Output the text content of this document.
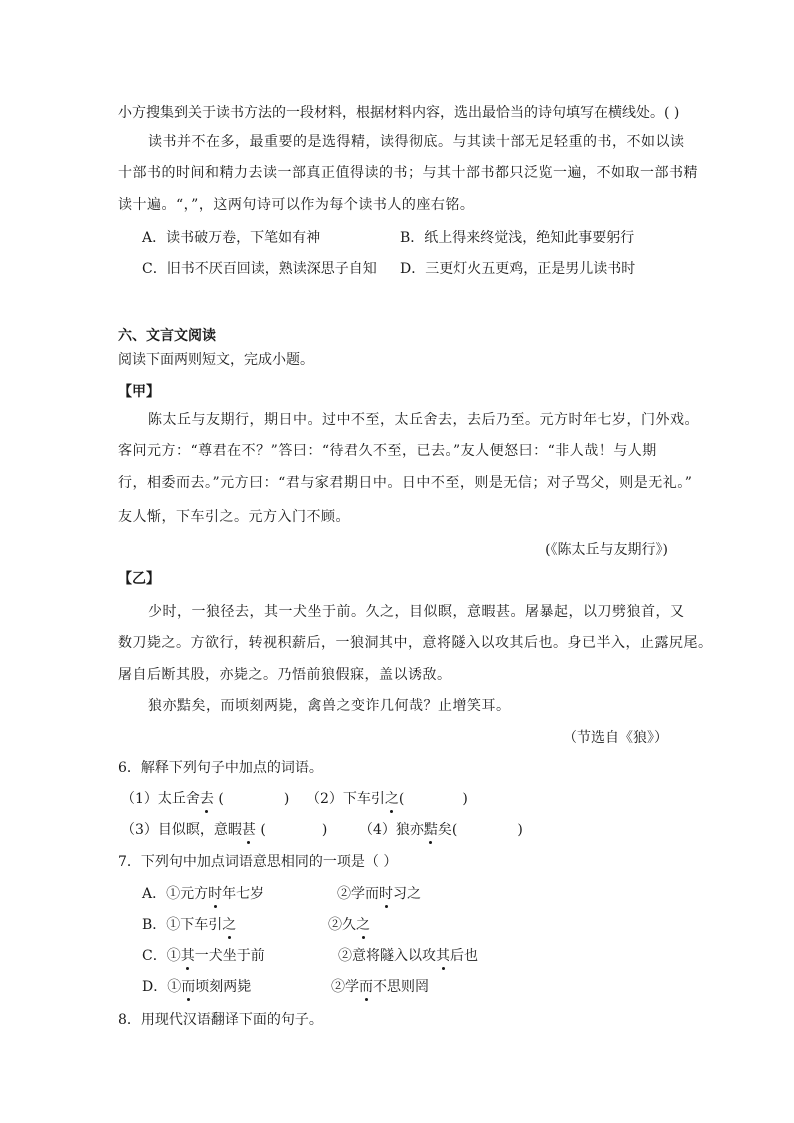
小方搜集到关于读书方法的一段材料，根据材料内容，选出最恰当的诗句填写在横线处。( )
读书并不在多，最重要的是选得精，读得彻底。与其读十部无足轻重的书，不如以读
十部书的时间和精力去读一部真正值得读的书；与其十部书都只泛览一遍，不如取一部书精
读十遍。“，”，这两句诗可以作为每个读书人的座右铭。
A．读书破万卷，下笔如有神	B．纸上得来终觉浅，绝知此事要躬行
C．旧书不厌百回读，熟读深思子自知 D．三更灯火五更鸡，正是男儿读书时
六、文言文阅读
阅读下面两则短文，完成小题。
【甲】
陈太丘与友期行，期日中。过中不至，太丘舍去，去后乃至。元方时年七岁，门外戏。
客问元方：“尊君在不？”答曰：“待君久不至，已去。”友人便怒曰：“非人哉！与人期
行，相委而去。”元方曰：“君与家君期日中。日中不至，则是无信；对子骂父，则是无礼。”
友人惭，下车引之。元方入门不顾。
(《陈太丘与友期行》)
【乙】
少时，一狼径去，其一犬坐于前。久之，目似瞑，意暇甚。屠暴起，以刀劈狼首，又
数刀毙之。方欲行，转视积薪后，一狼洞其中，意将隧入以攻其后也。身已半入，止露尻尾。
屠自后断其股，亦毙之。乃悟前狼假寐，盖以诱敌。
狼亦黠矣，而顷刻两毙，禽兽之变诈几何哉？止增笑耳。
（节选自《狼》）
6．解释下列句子中加点的词语。
（1）太丘舍去 (	) （2）下车引之(	)
（3）目似瞑，意暇甚 (	) （4）狼亦黠矣(	)
7．下列句中加点词语意思相同的一项是（ ）
A．①元方时年七岁	②学而时习之
B．①下车引之	②久之
C．①其一犬坐于前	②意将隧入以攻其后也
D．①而顷刻两毙	②学而不思则罔
8．用现代汉语翻译下面的句子。
